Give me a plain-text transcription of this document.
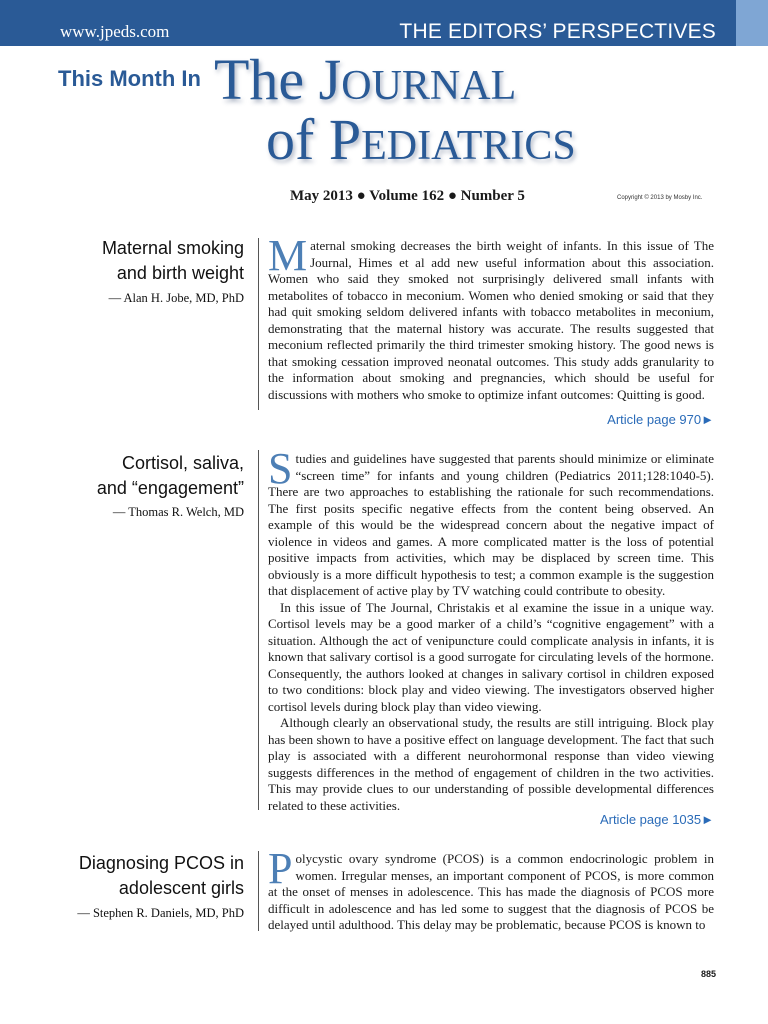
www.jpeds.com	THE EDITORS’ PERSPECTIVES
This Month In The JOURNAL
of PEDIATRICS
May 2013 ● Volume 162 ● Number 5	Copyright © 2013 by Mosby Inc.
Maternal smoking
and birth weight
— Alan H. Jobe, MD, PhD

Maternal smoking decreases the birth weight of infants. In this issue of The Journal, Himes et al add new useful information about this association. Women who said they smoked not surprisingly delivered small infants with metabolites of tobacco in meconium. Women who denied smoking or said that they had quit smoking seldom delivered infants with tobacco metabolites in meconium, demonstrating that the maternal history was accurate. The results suggested that meconium reflected primarily the third trimester smoking history. The good news is that smoking cessation improved neonatal outcomes. This study adds granularity to the information about smoking and pregnancies, which should be useful for discussions with mothers who smoke to optimize infant outcomes: Quitting is good.

Article page 970►
Cortisol, saliva,
and “engagement”
— Thomas R. Welch, MD

Studies and guidelines have suggested that parents should minimize or eliminate “screen time” for infants and young children (Pediatrics 2011;128:1040-5). There are two approaches to establishing the rationale for such recommendations. The first posits specific negative effects from the content being observed. An example of this would be the widespread concern about the negative impact of violence in videos and games. A more complicated matter is the loss of potential positive impacts from activities, which may be displaced by screen time. This obviously is a more difficult hypothesis to test; a common example is the suggestion that displacement of active play by TV watching could contribute to obesity.

In this issue of The Journal, Christakis et al examine the issue in a unique way. Cortisol levels may be a good marker of a child’s “cognitive engagement” with a situation. Although the act of venipuncture could complicate analysis in infants, it is known that salivary cortisol is a good surrogate for circulating levels of the hormone. Consequently, the authors looked at changes in salivary cortisol in children exposed to two conditions: block play and video viewing. The investigators observed higher cortisol levels during block play than video viewing.

Although clearly an observational study, the results are still intriguing. Block play has been shown to have a positive effect on language development. The fact that such play is associated with a different neurohormonal response than video viewing suggests differences in the method of engagement of children in the two activities. This may provide clues to our understanding of possible developmental differences related to these activities.

Article page 1035►
Diagnosing PCOS in
adolescent girls
— Stephen R. Daniels, MD, PhD

Polycystic ovary syndrome (PCOS) is a common endocrinologic problem in women. Irregular menses, an important component of PCOS, is more common at the onset of menses in adolescence. This has made the diagnosis of PCOS more difficult in adolescence and has led some to suggest that the diagnosis of PCOS be delayed until adulthood. This delay may be problematic, because PCOS is known to

885
